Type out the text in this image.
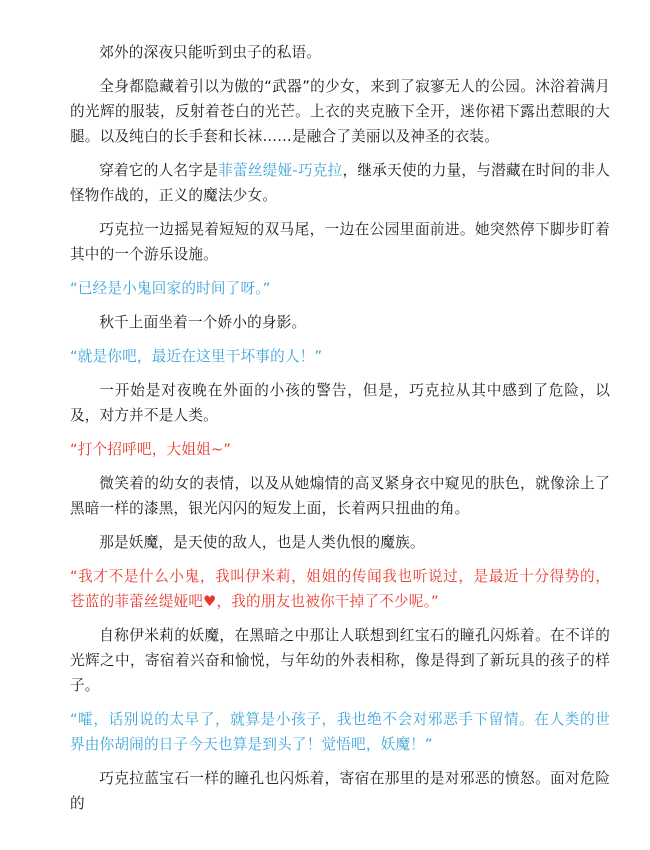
郊外的深夜只能听到虫子的私语。

全身都隐藏着引以为傲的“武器”的少女，来到了寂寥无人的公园。沐浴着满月的光辉的服装，反射着苍白的光芒。上衣的夹克腋下全开，迷你裙下露出惹眼的大腿。以及纯白的长手套和长袜……是融合了美丽以及神圣的衣装。

穿着它的人名字是菲蕾丝缇娅-巧克拉，继承天使的力量，与潜藏在时间的非人怪物作战的，正义的魔法少女。

巧克拉一边摇晃着短短的双马尾，一边在公园里面前进。她突然停下脚步盯着其中的一个游乐设施。

“已经是小鬼回家的时间了呀。”

秋千上面坐着一个娇小的身影。

“就是你吧，最近在这里干坏事的人！”

一开始是对夜晚在外面的小孩的警告，但是，巧克拉从其中感到了危险，以及，对方并不是人类。

“打个招呼吧，大姐姐~”

微笑着的幼女的表情，以及从她煽情的高叉紧身衣中窥见的肤色，就像涂上了黑暗一样的漆黑，银光闪闪的短发上面，长着两只扭曲的角。

那是妖魔，是天使的敌人，也是人类仇恨的魔族。

“我才不是什么小鬼，我叫伊米莉，姐姐的传闻我也听说过，是最近十分得势的，苍蓝的菲蕾丝缇娅吧♥，我的朋友也被你干掉了不少呢。”

自称伊米莉的妖魔，在黑暗之中那让人联想到红宝石的瞳孔闪烁着。在不详的光辉之中，寄宿着兴奋和愉悦，与年幼的外表相称，像是得到了新玩具的孩子的样子。

“嚯，话别说的太早了，就算是小孩子，我也绝不会对邪恶手下留情。在人类的世界由你胡闹的日子今天也算是到头了！觉悟吧，妖魔！”

巧克拉蓝宝石一样的瞳孔也闪烁着，寄宿在那里的是对邪恶的愤怒。面对危险的
